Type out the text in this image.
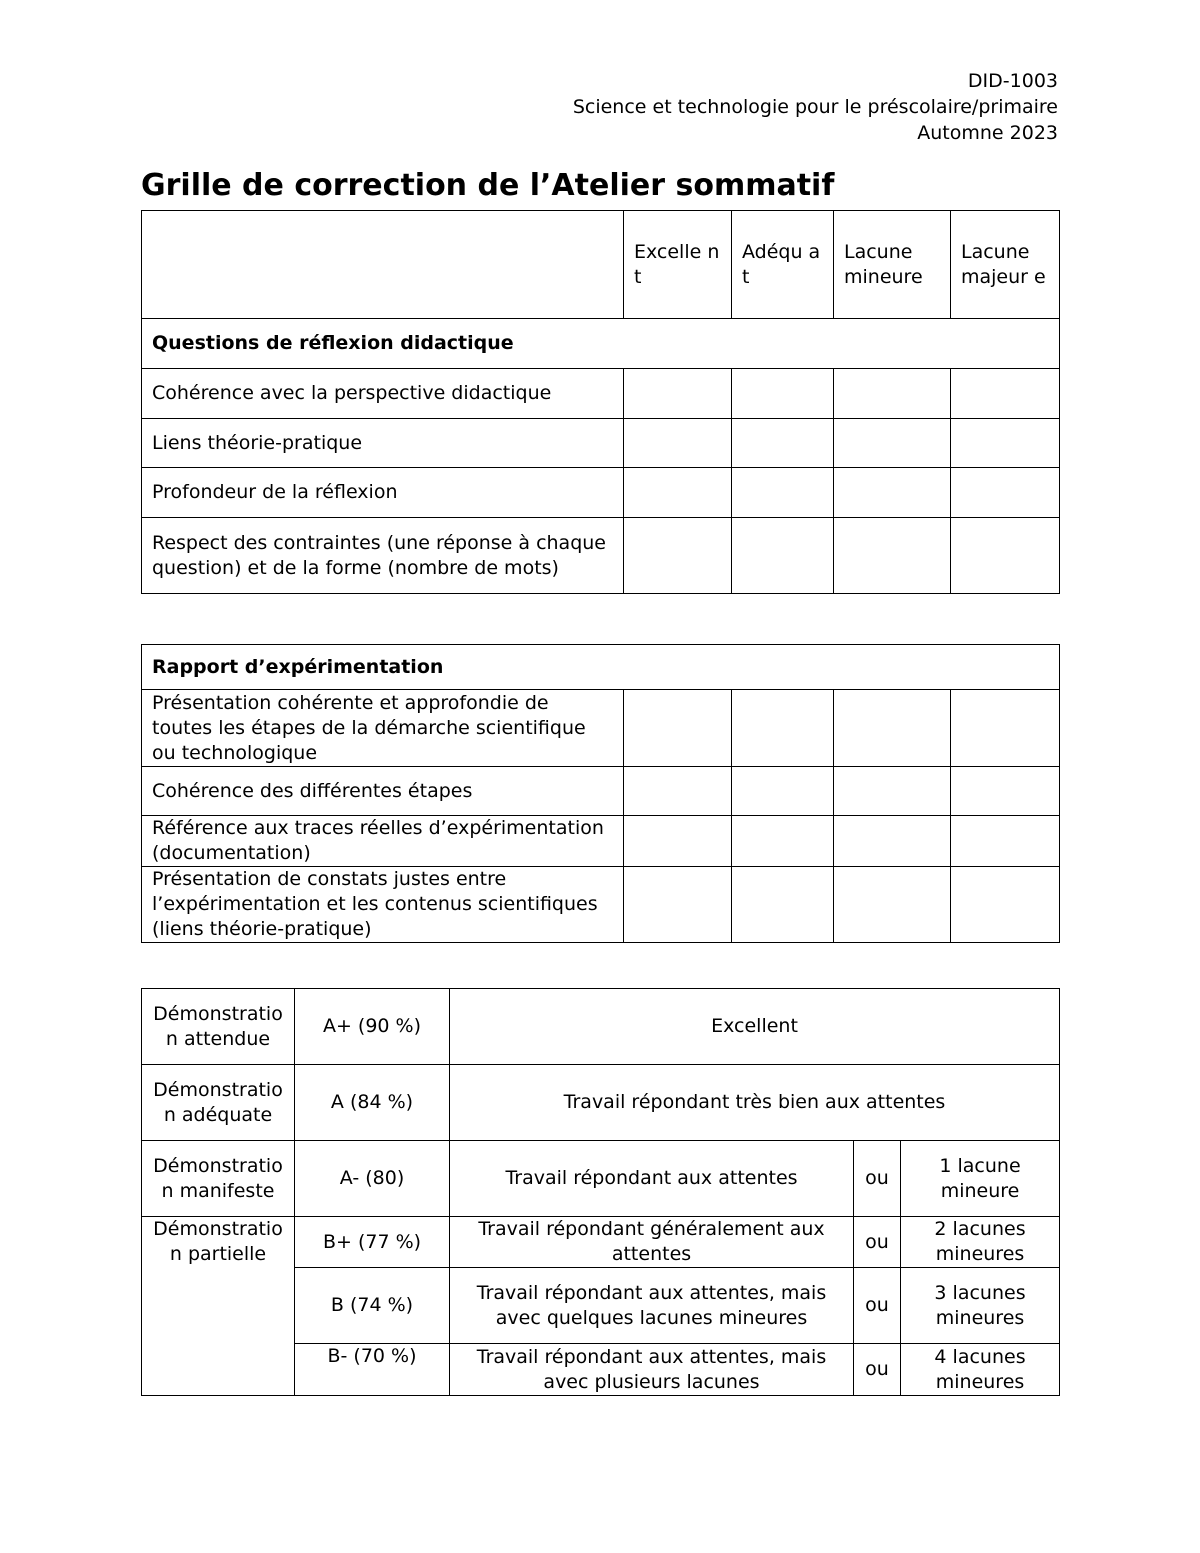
DID-1003
Science et technologie pour le préscolaire/primaire
Automne 2023
Grille de correction de l’Atelier sommatif
	Excelle nt	Adéqu at	Lacune mineure	Lacune majeur e
Questions de réflexion didactique				
Cohérence avec la perspective didactique				
Liens théorie-pratique				
Profondeur de la réflexion				
Respect des contraintes (une réponse à chaque question) et de la forme (nombre de mots)				
Rapport d’expérimentation				
Présentation cohérente et approfondie de toutes les étapes de la démarche scientifique ou technologique				
Cohérence des différentes étapes				
Référence aux traces réelles d’expérimentation (documentation)				
Présentation de constats justes entre l’expérimentation et les contenus scientifiques (liens théorie-pratique)				
Démonstration attendue	A+ (90 %)	Excellent		
Démonstration adéquate	A (84 %)	Travail répondant très bien aux attentes		
Démonstration manifeste	A- (80)	Travail répondant aux attentes	ou	1 lacune mineure
Démonstration partielle	B+ (77 %)	Travail répondant généralement aux attentes	ou	2 lacunes mineures
	B (74 %)	Travail répondant aux attentes, mais avec quelques lacunes mineures	ou	3 lacunes mineures
	B- (70 %)	Travail répondant aux attentes, mais avec plusieurs lacunes	ou	4 lacunes mineures
